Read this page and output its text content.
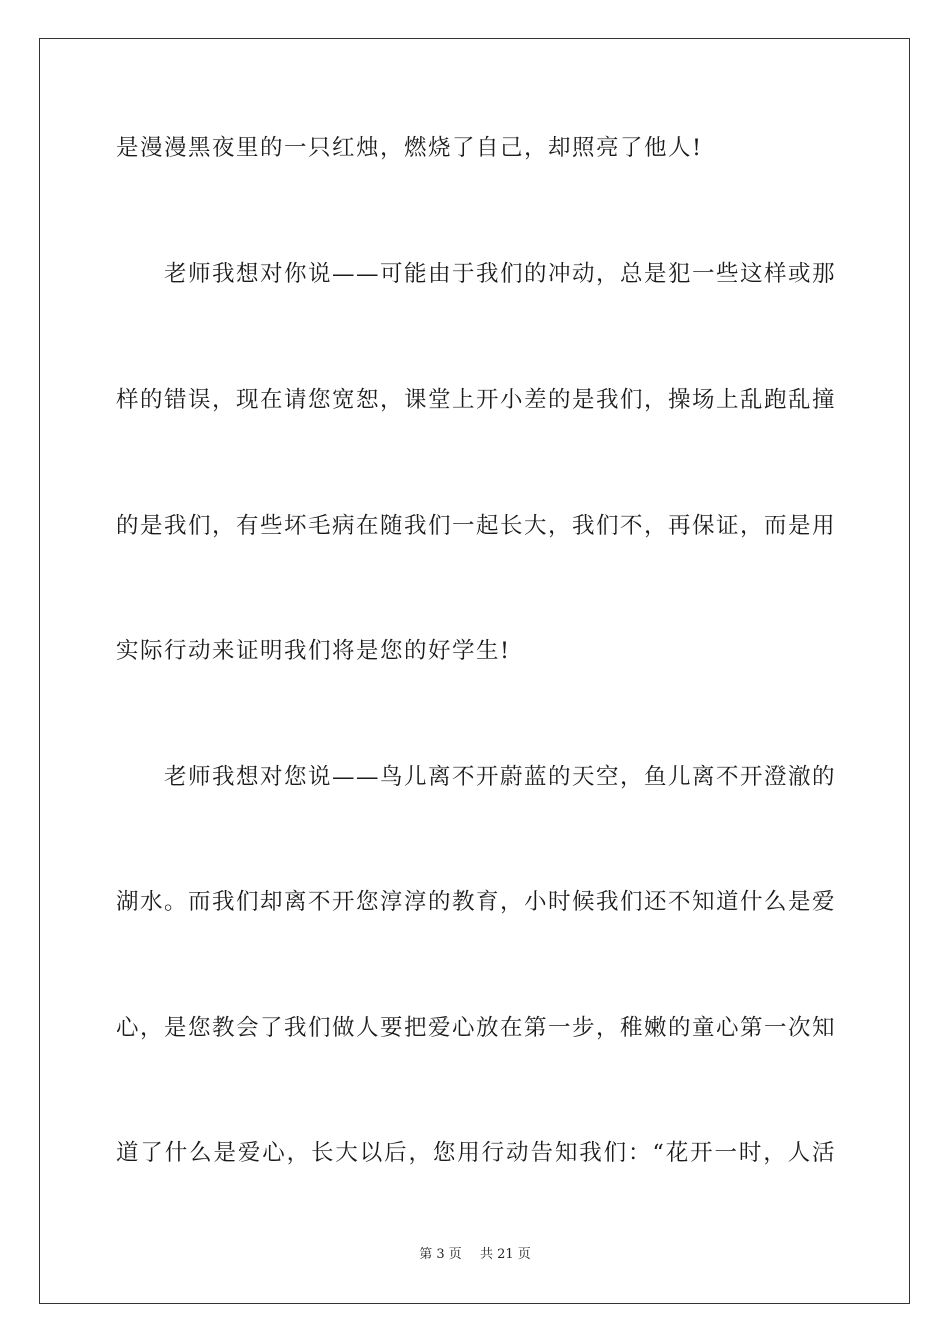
是漫漫黑夜里的一只红烛，燃烧了自己，却照亮了他人!
老师我想对你说——可能由于我们的冲动，总是犯一些这样或那
样的错误，现在请您宽恕，课堂上开小差的是我们，操场上乱跑乱撞
的是我们，有些坏毛病在随我们一起长大，我们不，再保证，而是用
实际行动来证明我们将是您的好学生!
老师我想对您说——鸟儿离不开蔚蓝的天空，鱼儿离不开澄澈的
湖水。而我们却离不开您淳淳的教育，小时候我们还不知道什么是爱
心，是您教会了我们做人要把爱心放在第一步，稚嫩的童心第一次知
道了什么是爱心，长大以后，您用行动告知我们：“花开一时，人活
第 3 页 共 21 页
